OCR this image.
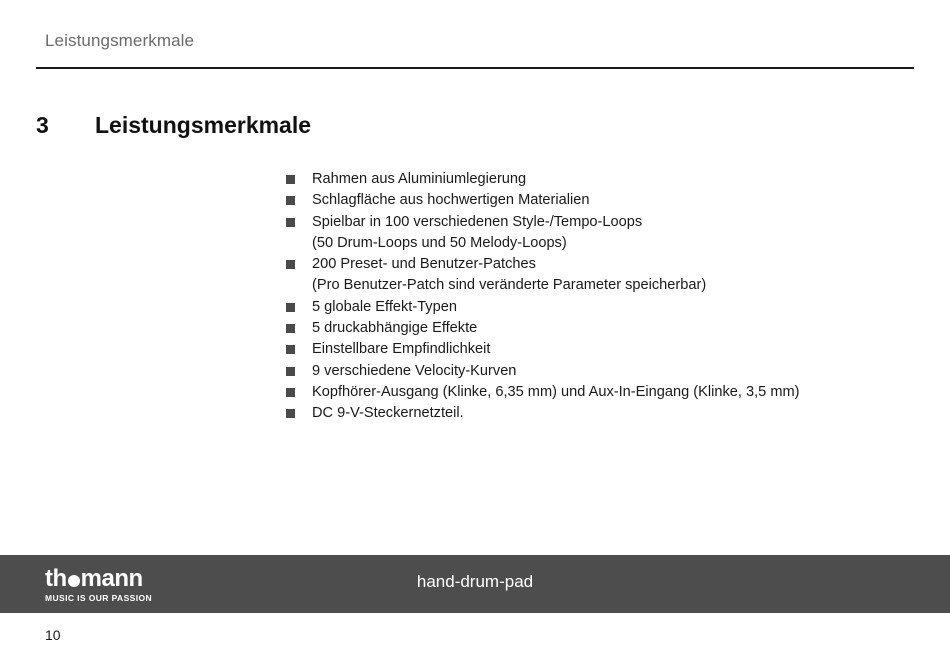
Leistungsmerkmale
3 Leistungsmerkmale
Rahmen aus Aluminiumlegierung
Schlagfläche aus hochwertigen Materialien
Spielbar in 100 verschiedenen Style-/Tempo-Loops
(50 Drum-Loops und 50 Melody-Loops)
200 Preset- und Benutzer-Patches
(Pro Benutzer-Patch sind veränderte Parameter speicherbar)
5 globale Effekt-Typen
5 druckabhängige Effekte
Einstellbare Empfindlichkeit
9 verschiedene Velocity-Kurven
Kopfhörer-Ausgang (Klinke, 6,35 mm) und Aux-In-Eingang (Klinke, 3,5 mm)
DC 9-V-Steckernetzteil.
th mann
MUSIC IS OUR PASSION
hand-drum-pad
10
